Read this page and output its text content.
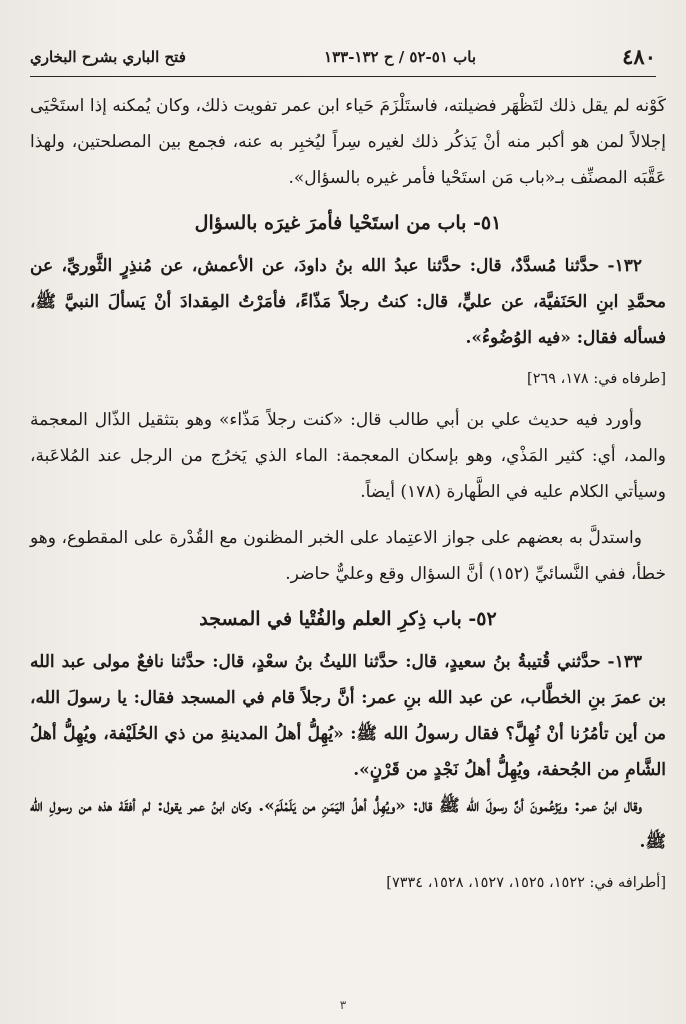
٤٨٠
باب ٥١-٥٢ / ح ١٣٢-١٣٣
فتح الباري بشرح البخاري

كَوْنه لم يقل ذلك لتَظْهَر فضيلته، فاستَلْزَمَ حَياء ابن عمر تفويت ذلك، وكان يُمكنه إذا استَحْيَى إجلالاً لمن هو أكبر منه أنْ يَذكُر ذلك لغيره سِراً ليُخبِر به عنه، فجمع بين المصلحتين، ولهذا عَقَّبَه المصنِّف بـ«باب مَن استَحْيا فأمر غيره بالسؤال».

٥١- باب من استَحْيا فأمرَ غيرَه بالسؤال

١٣٢- حدَّثنا مُسدَّدٌ، قال: حدَّثنا عبدُ الله بنُ داودَ، عن الأعمش، عن مُنذِرٍ الثَّوريِّ، عن محمَّدِ ابنِ الحَنَفيَّة، عن عليٍّ، قال: كنتُ رجلاً مَذّاءً، فأمَرْتُ المِقدادَ أنْ يَسألَ النبيَّ ﷺ، فسأله فقال: «فيه الوُضُوءُ».

[طرفاه في: ١٧٨، ٢٦٩]

وأورد فيه حديث علي بن أبي طالب قال: «كنت رجلاً مَذّاء» وهو بتثقيل الذّال المعجمة والمد، أي: كثير المَذْي، وهو بإسكان المعجمة: الماء الذي يَخرُج من الرجل عند المُلاعَبة، وسيأتي الكلام عليه في الطَّهارة (١٧٨) أيضاً.

واستدلَّ به بعضهم على جواز الاعتِماد على الخبر المظنون مع القُدْرة على المقطوع، وهو خطأ، ففي النَّسائيِّ (١٥٢) أنَّ السؤال وقع وعليٌّ حاضر.

٥٢- باب ذِكرِ العلم والفُتْيا في المسجد

١٣٣- حدَّثني قُتيبةُ بنُ سعيدٍ، قال: حدَّثنا الليثُ بنُ سعْدٍ، قال: حدَّثنا نافعٌ مولى عبد الله بن عمرَ بنِ الخطَّاب، عن عبد الله بنِ عمر: أنَّ رجلاً قام في المسجد فقال: يا رسولَ الله، من أين تأمُرُنا أنْ نُهِلَّ؟ فقال رسولُ الله ﷺ: «يُهِلُّ أهلُ المدينةِ من ذي الحُلَيْفة، ويُهِلُّ أهلُ الشَّامِ من الجُحفة، ويُهِلُّ أهلُ نَجْدٍ من قَرْنٍ».

وقال ابنُ عمر: ويَزْعُمونَ أنَّ رسولَ الله ﷺ قال: «ويُهِلُّ أهلُ اليَمَنِ من يَلَمْلَمَ». وكان ابنُ عمر يقول: لم أفقَهْ هذه من رسولِ الله ﷺ.

[أطرافه في: ١٥٢٢، ١٥٢٥، ١٥٢٧، ١٥٢٨، ٧٣٣٤]

٣
